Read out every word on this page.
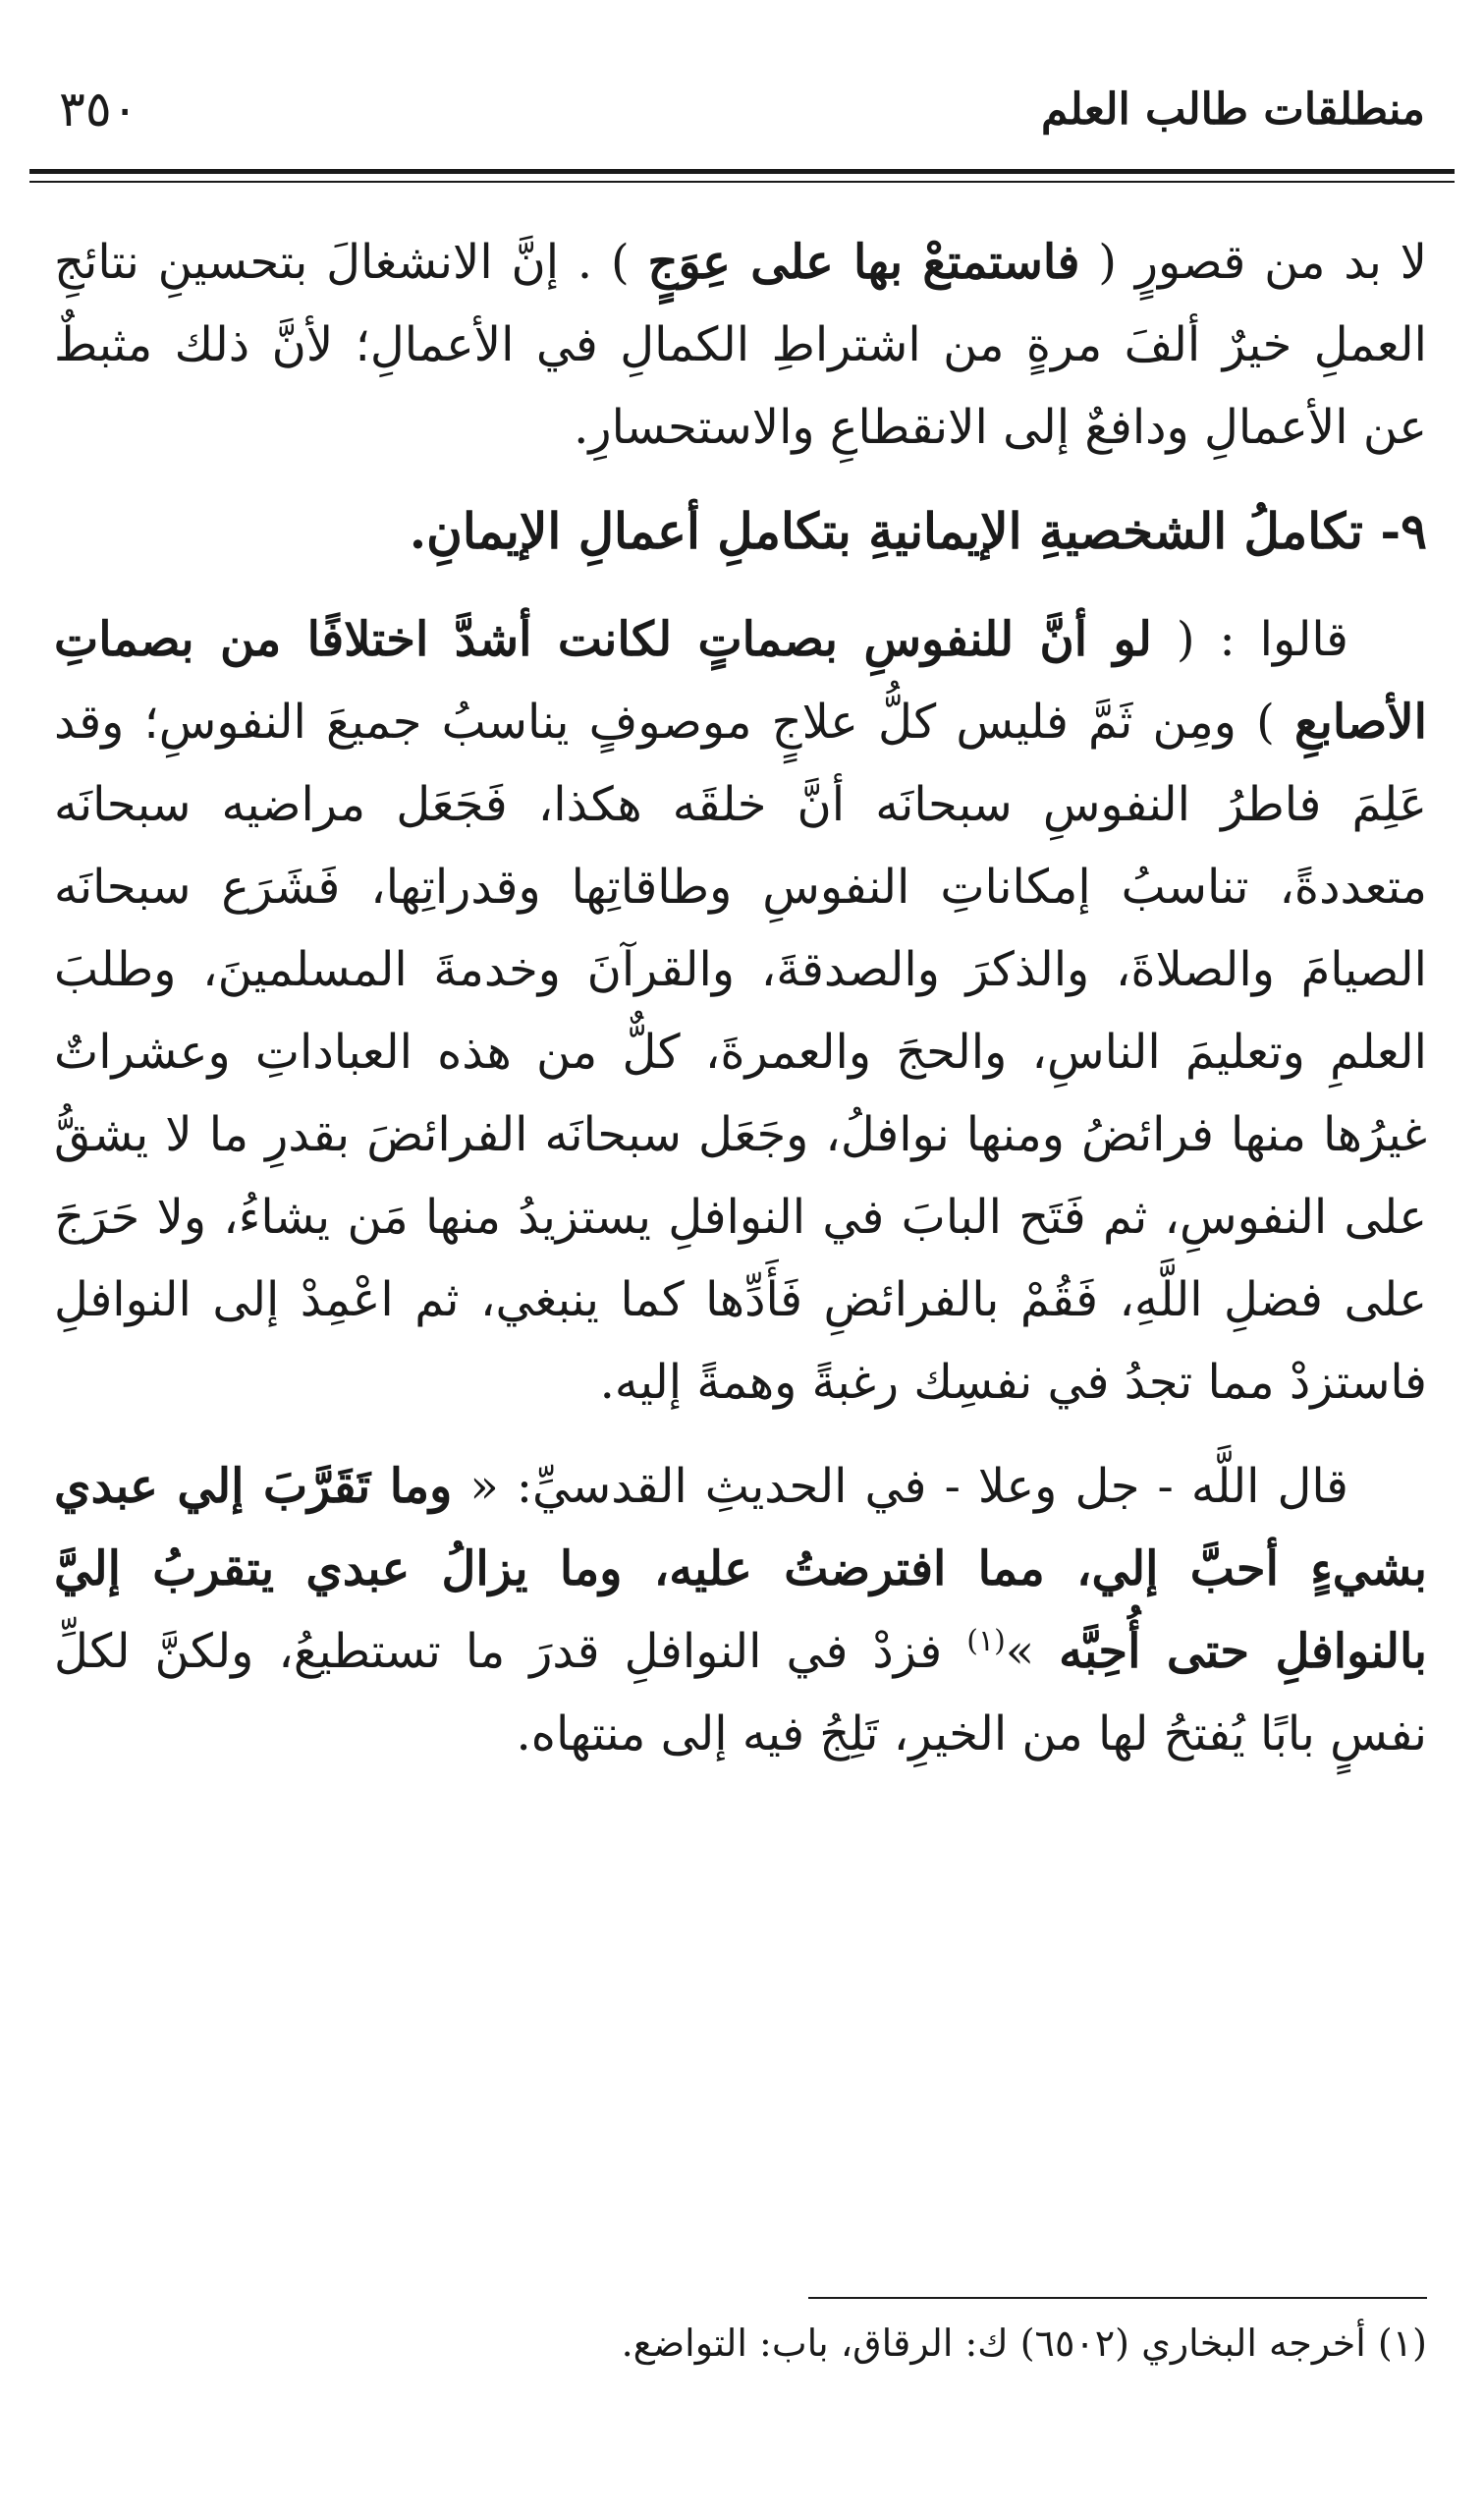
منطلقات طالب العلم
٣٥٠

لا بد من قصورٍ ( فاستمتعْ بها على عِوَجٍ ) . إنَّ الانشغالَ بتحسينِ نتائجِ العملِ خيرٌ ألفَ مرةٍ من اشتراطِ الكمالِ في الأعمالِ؛ لأنَّ ذلك مثبطٌ عن الأعمالِ ودافعٌ إلى الانقطاعِ والاستحسارِ.

٩- تكاملُ الشخصيةِ الإيمانيةِ بتكاملِ أعمالِ الإيمانِ.

قالوا : ( لو أنَّ للنفوسِ بصماتٍ لكانت أشدَّ اختلافًا من بصماتِ الأصابعِ ) ومِن ثَمَّ فليس كلُّ علاجٍ موصوفٍ يناسبُ جميعَ النفوسِ؛ وقد عَلِمَ فاطرُ النفوسِ سبحانَه أنَّ خلقَه هكذا، فَجَعَل مراضيه سبحانَه متعددةً، تناسبُ إمكاناتِ النفوسِ وطاقاتِها وقدراتِها، فَشَرَع سبحانَه الصيامَ والصلاةَ، والذكرَ والصدقةَ، والقرآنَ وخدمةَ المسلمينَ، وطلبَ العلمِ وتعليمَ الناسِ، والحجَ والعمرةَ، كلٌّ من هذه العباداتِ وعشراتٌ غيرُها منها فرائضُ ومنها نوافلُ، وجَعَل سبحانَه الفرائضَ بقدرِ ما لا يشقُّ على النفوسِ، ثم فَتَح البابَ في النوافلِ يستزيدُ منها مَن يشاءُ، ولا حَرَجَ على فضلِ اللَّهِ، فَقُمْ بالفرائضِ فَأَدِّها كما ينبغي، ثم اعْمِدْ إلى النوافلِ فاستزدْ مما تجدُ في نفسِك رغبةً وهمةً إليه.

قال اللَّه - جل وعلا - في الحديثِ القدسيِّ: « وما تَقَرَّبَ إلي عبدي بشيءٍ أحبَّ إلي، مما افترضتُ عليه، وما يزالُ عبدي يتقربُ إليَّ بالنوافلِ حتى أُحِبَّه »$^{(١)}$ فزدْ في النوافلِ قدرَ ما تستطيعُ، ولكنَّ لكلِّ نفسٍ بابًا يُفتحُ لها من الخيرِ، تَلِجُ فيه إلى منتهاه.

(١) أخرجه البخاري (٦٥٠٢) ك: الرقاق، باب: التواضع.
